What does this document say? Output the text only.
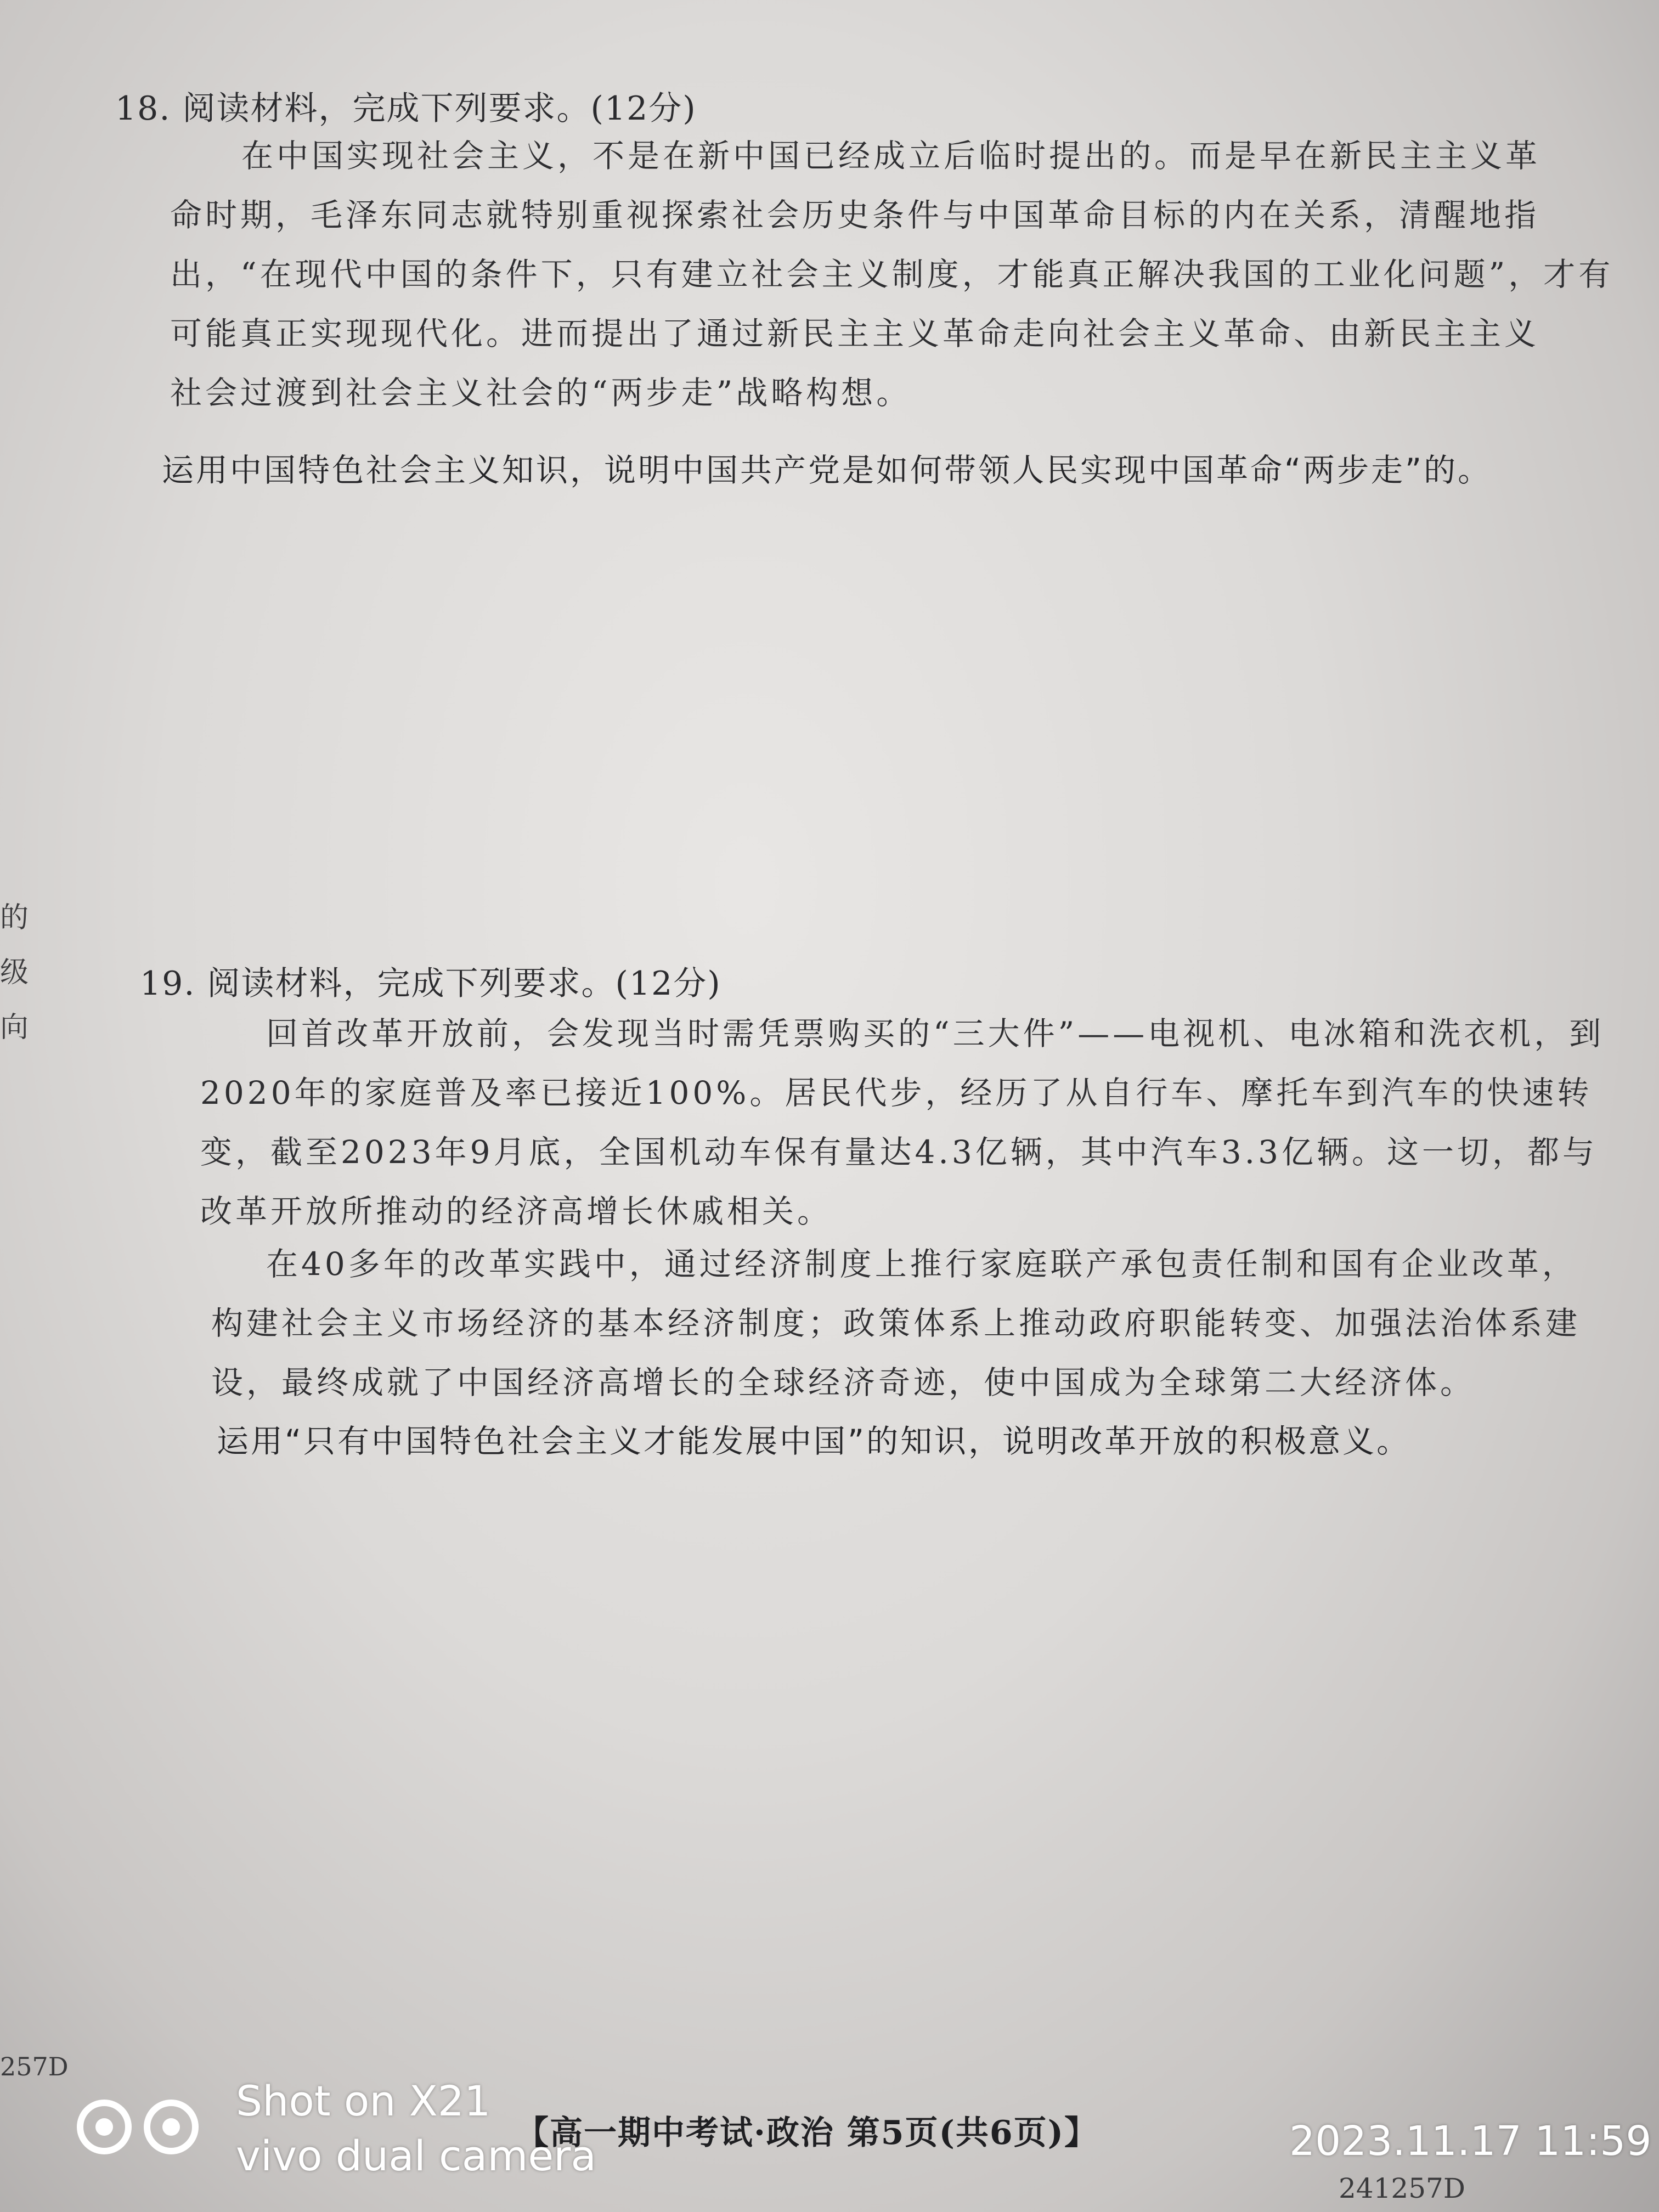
18. 阅读材料，完成下列要求。(12分)
在中国实现社会主义，不是在新中国已经成立后临时提出的。而是早在新民主主义革
命时期，毛泽东同志就特别重视探索社会历史条件与中国革命目标的内在关系，清醒地指
出，“在现代中国的条件下，只有建立社会主义制度，才能真正解决我国的工业化问题”，才有
可能真正实现现代化。进而提出了通过新民主主义革命走向社会主义革命、由新民主主义
社会过渡到社会主义社会的“两步走”战略构想。
运用中国特色社会主义知识，说明中国共产党是如何带领人民实现中国革命“两步走”的。
的
级
向
19. 阅读材料，完成下列要求。(12分)
回首改革开放前，会发现当时需凭票购买的“三大件”——电视机、电冰箱和洗衣机，到
2020年的家庭普及率已接近100%。居民代步，经历了从自行车、摩托车到汽车的快速转
变，截至2023年9月底，全国机动车保有量达4.3亿辆，其中汽车3.3亿辆。这一切，都与
改革开放所推动的经济高增长休戚相关。
在40多年的改革实践中，通过经济制度上推行家庭联产承包责任制和国有企业改革，
构建社会主义市场经济的基本经济制度；政策体系上推动政府职能转变、加强法治体系建
设，最终成就了中国经济高增长的全球经济奇迹，使中国成为全球第二大经济体。
运用“只有中国特色社会主义才能发展中国”的知识，说明改革开放的积极意义。
257D
【高一期中考试·政治 第5页(共6页)】
241257D
Shot on X21
vivo dual camera	2023.11.17 11:59
